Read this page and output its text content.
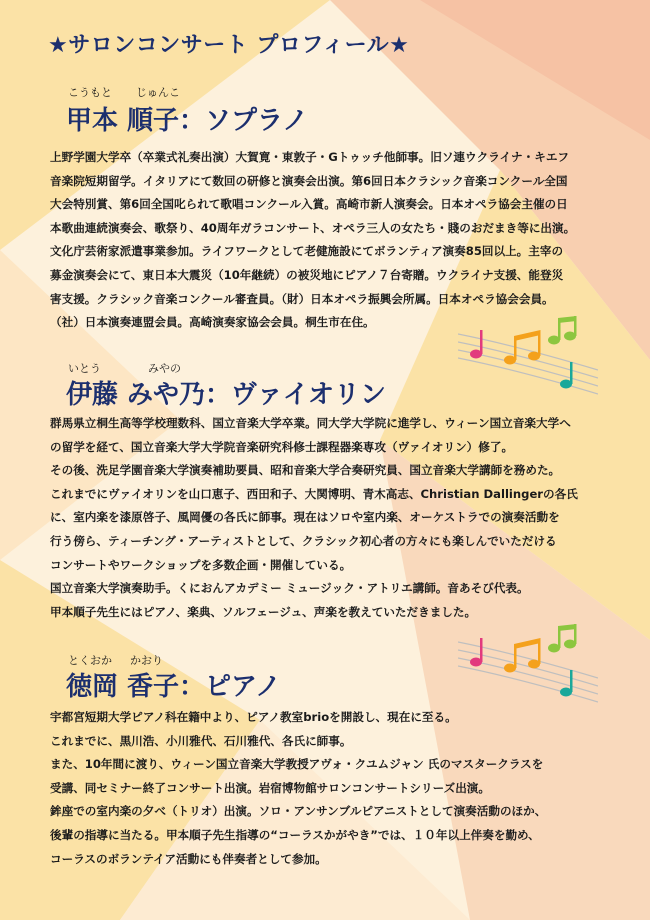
★サロンコンサート プロフィール★
こうもと じゅんこ
甲本 順子：ソプラノ
上野学園大学卒（卒業式礼奏出演）大賀寛・東敦子・Gトゥッチ他師事。旧ソ連ウクライナ・キエフ
音楽院短期留学。イタリアにて数回の研修と演奏会出演。第6回日本クラシック音楽コンクール全国
大会特別賞、第6回全国叱られて歌唱コンクール入賞。高崎市新人演奏会。日本オペラ協会主催の日
本歌曲連続演奏会、歌祭り、40周年ガラコンサート、オペラ三人の女たち・賤のおだまき等に出演。
文化庁芸術家派遣事業参加。ライフワークとして老健施設にてボランティア演奏85回以上。主宰の
募金演奏会にて、東日本大震災（10年継続）の被災地にピアノ７台寄贈。ウクライナ支援、能登災
害支援。クラシック音楽コンクール審査員。（財）日本オペラ振興会所属。日本オペラ協会会員。
（社）日本演奏連盟会員。高崎演奏家協会会員。桐生市在住。
いとう	みやの
伊藤 みや乃：ヴァイオリン
群馬県立桐生高等学校理数科、国立音楽大学卒業。同大学大学院に進学し、ウィーン国立音楽大学へ
の留学を経て、国立音楽大学大学院音楽研究科修士課程器楽専攻（ヴァイオリン）修了。
その後、洗足学園音楽大学演奏補助要員、昭和音楽大学合奏研究員、国立音楽大学講師を務めた。
これまでにヴァイオリンを山口恵子、西田和子、大関博明、青木高志、Christian Dallingerの各氏
に、室内楽を漆原啓子、風岡優の各氏に師事。現在はソロや室内楽、オーケストラでの演奏活動を
行う傍ら、ティーチング・アーティストとして、クラシック初心者の方々にも楽しんでいただける
コンサートやワークショップを多数企画・開催している。
国立音楽大学演奏助手。くにおんアカデミー ミュージック・アトリエ講師。音あそび代表。
甲本順子先生にはピアノ、楽典、ソルフェージュ、声楽を教えていただきました。
とくおか かおり
徳岡 香子：ピアノ
宇都宮短期大学ピアノ科在籍中より、ピアノ教室brioを開設し、現在に至る。
これまでに、黒川浩、小川雅代、石川雅代、各氏に師事。
また、10年間に渡り、ウィーン国立音楽大学教授アヴォ・クユムジャン 氏のマスタークラスを
受講、同セミナー終了コンサート出演。岩宿博物館サロンコンサートシリーズ出演。
鉾座での室内楽の夕べ（トリオ）出演。ソロ・アンサンブルピアニストとして演奏活動のほか、
後輩の指導に当たる。甲本順子先生指導の“コーラスかがやき”では、１０年以上伴奏を勤め、
コーラスのボランテイア活動にも伴奏者として参加。
